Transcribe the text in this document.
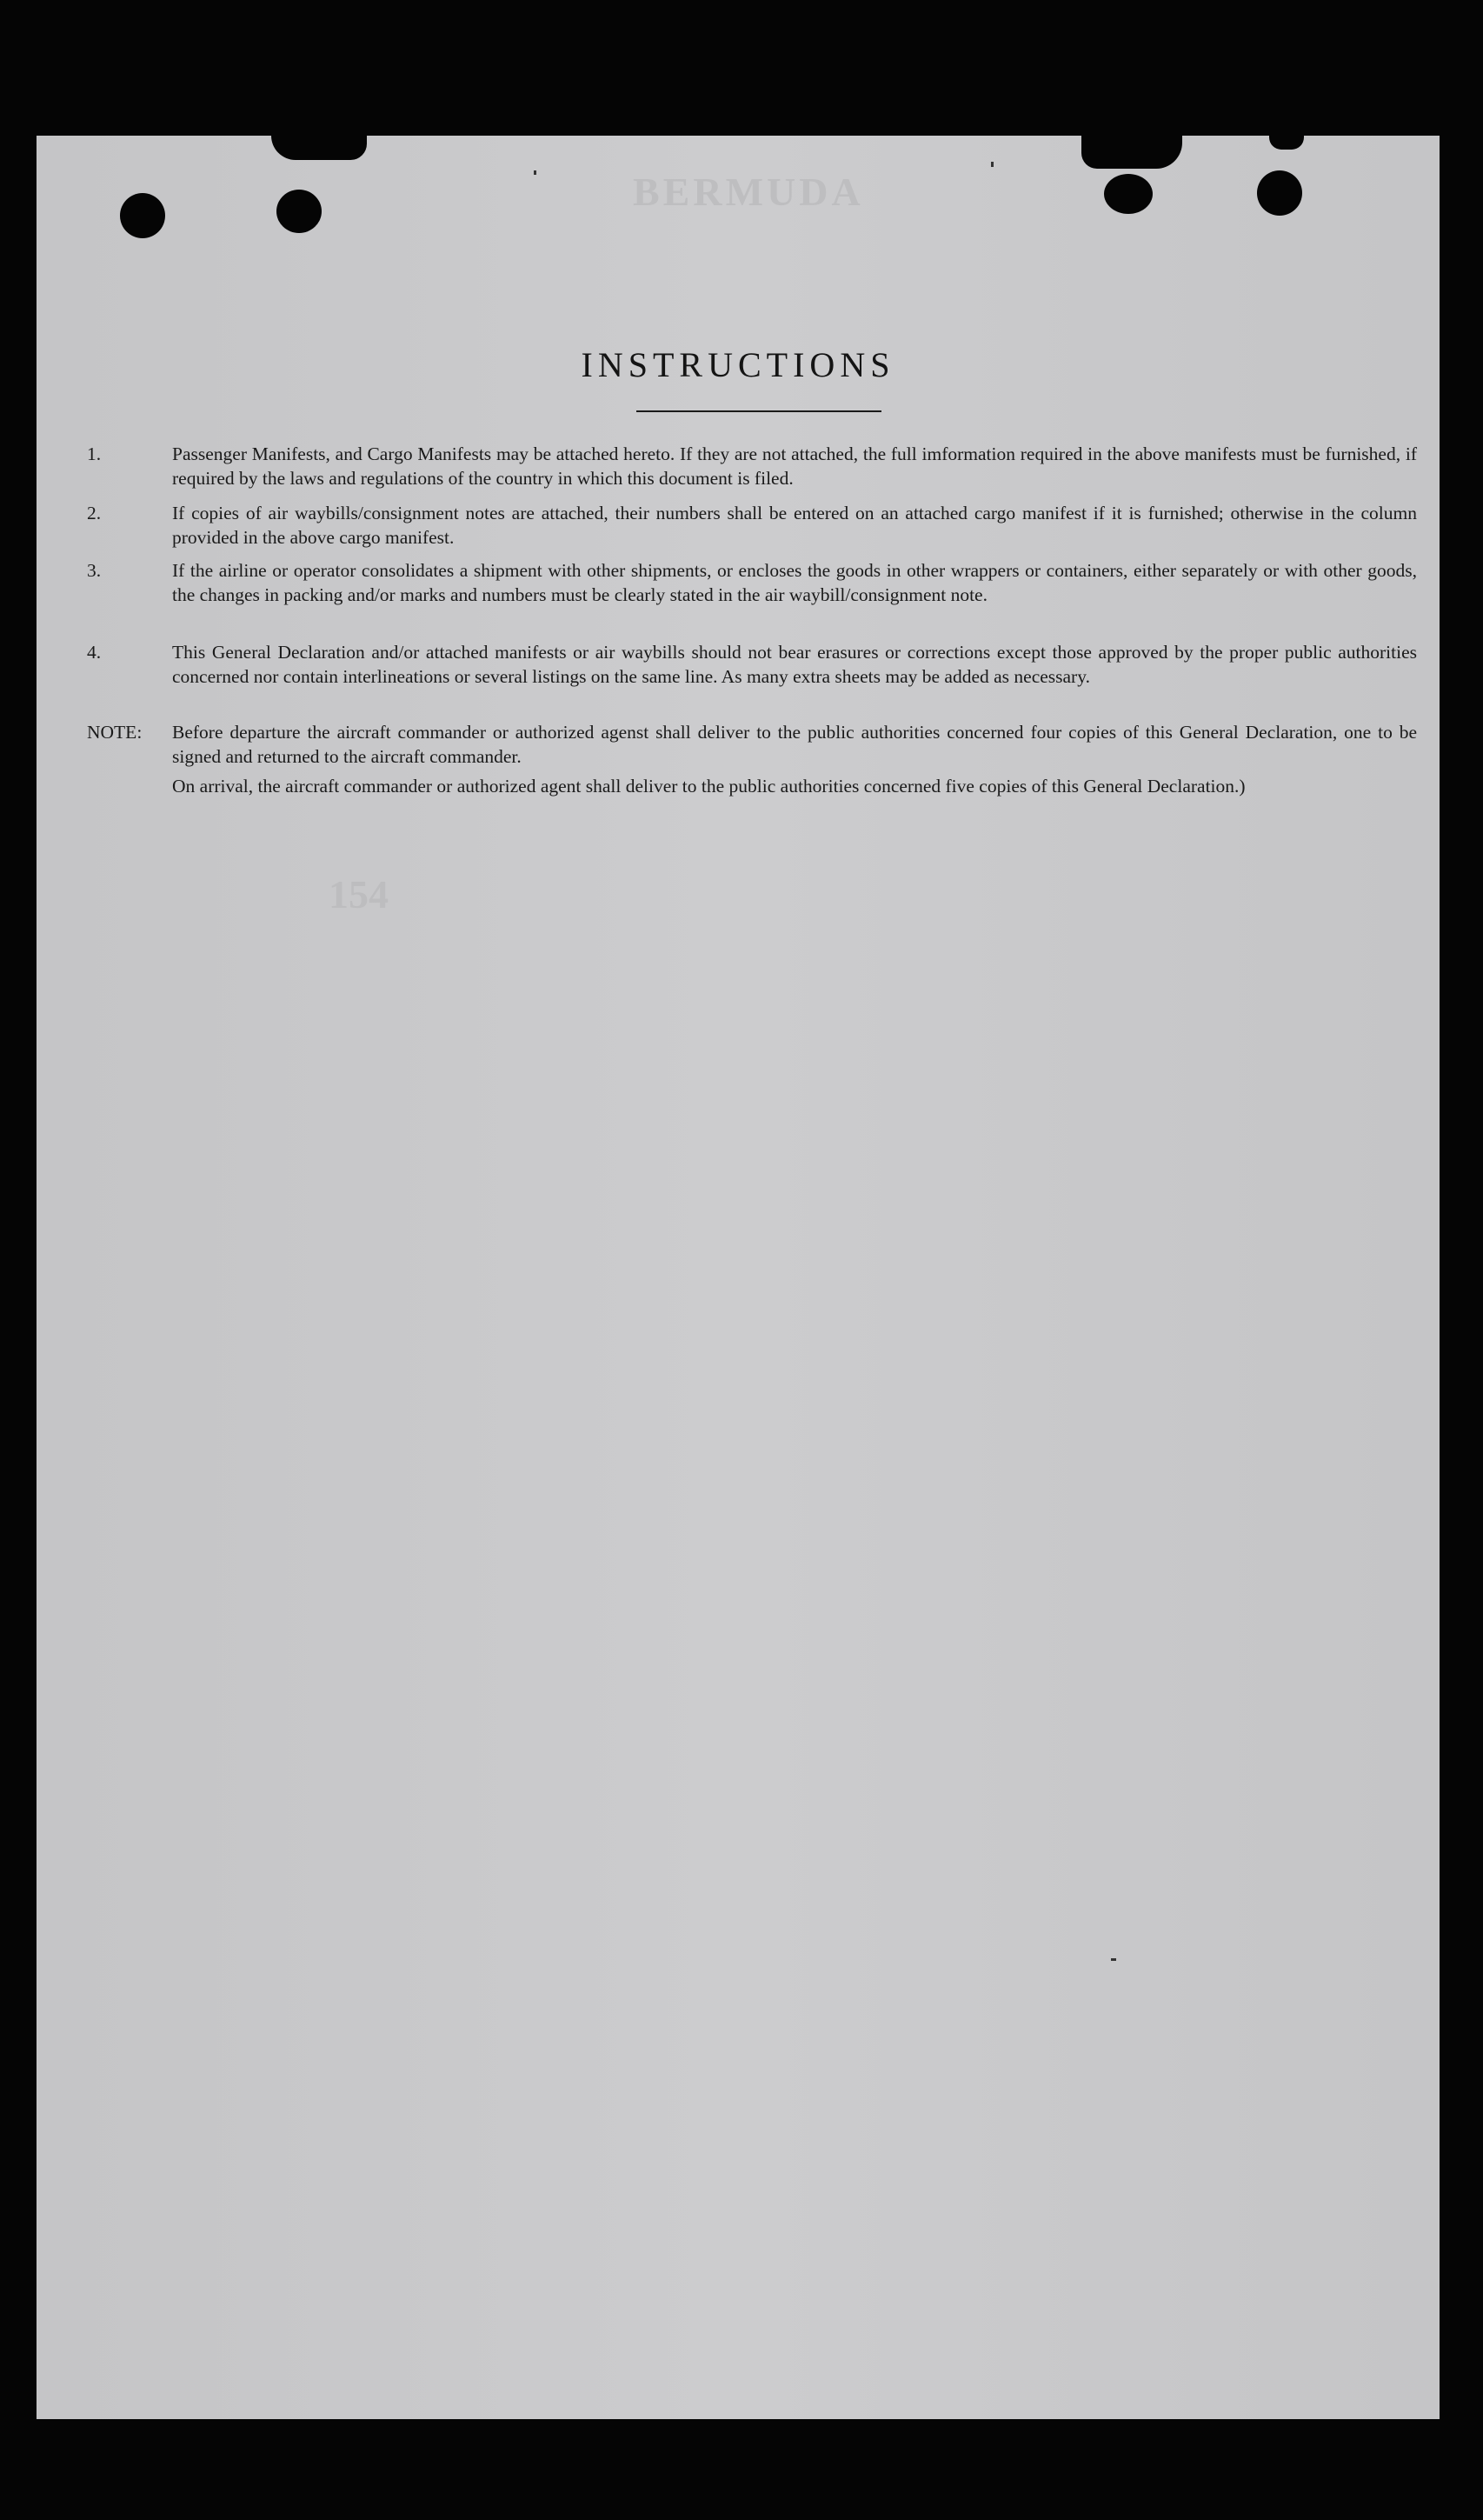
BERMUDA
154
INSTRUCTIONS
1.	Passenger Manifests, and Cargo Manifests may be attached hereto. If they are not attached, the full imformation required in the above manifests must be furnished, if required by the laws and regulations of the country in which this document is filed.
2.	If copies of air waybills/consignment notes are attached, their numbers shall be entered on an attached cargo manifest if it is furnished; otherwise in the column provided in the above cargo manifest.
3.	If the airline or operator consolidates a shipment with other shipments, or encloses the goods in other wrappers or containers, either separately or with other goods, the changes in packing and/or marks and numbers must be clearly stated in the air waybill/consignment note.
4.	This General Declaration and/or attached manifests or air waybills should not bear erasures or corrections except those approved by the proper public authorities concerned nor contain interlineations or several listings on the same line. As many extra sheets may be added as necessary.
NOTE: Before departure the aircraft commander or authorized agenst shall deliver to the public authorities concerned four copies of this General Declaration, one to be signed and returned to the aircraft commander.
On arrival, the aircraft commander or authorized agent shall deliver to the public authorities concerned five copies of this General Declaration.)
